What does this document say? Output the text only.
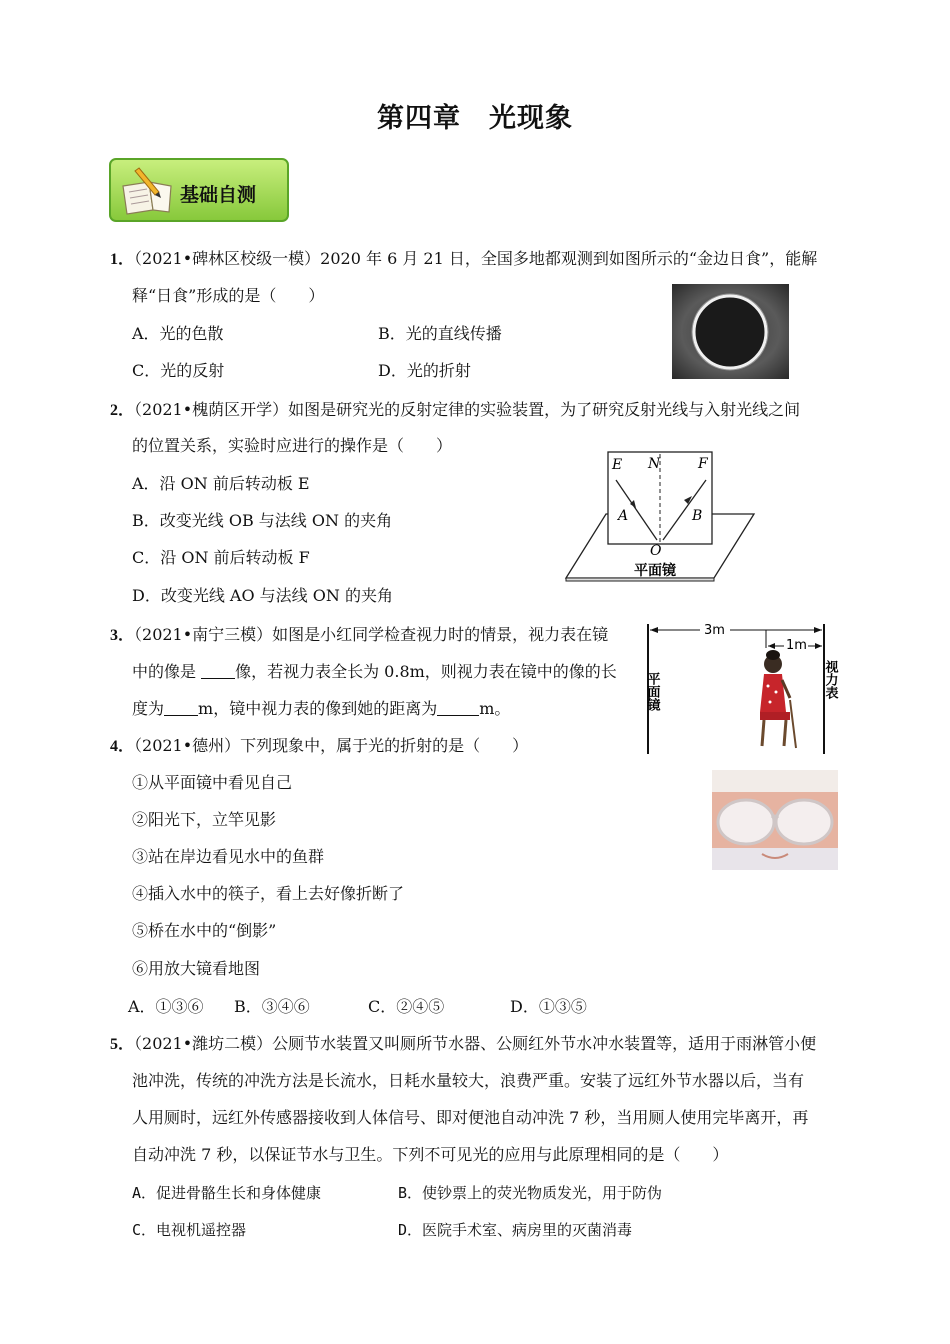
第四章　光现象
基础自测
1．（2021•碑林区校级一模）2020 年 6 月 21 日，全国多地都观测到如图所示的“金边日食”，能解
释“日食”形成的是（　　）
A．光的色散	B．光的直线传播
C．光的反射	D．光的折射
2．（2021•槐荫区开学）如图是研究光的反射定律的实验装置，为了研究反射光线与入射光线之间
的位置关系，实验时应进行的操作是（　　）
A．沿 ON 前后转动板 E
B．改变光线 OB 与法线 ON 的夹角
C．沿 ON 前后转动板 F
D．改变光线 AO 与法线 ON 的夹角
E N	F
A	B
O
平面镜
3．（2021•南宁三模）如图是小红同学检查视力时的情景，视力表在镜
中的像是 像，若视力表全长为 0.8m，则视力表在镜中的像的长
度为 m，镜中视力表的像到她的距离为	m。
3m
1m
平面镜	视力表
4．（2021•德州）下列现象中，属于光的折射的是（　　）
①从平面镜中看见自己
②阳光下，立竿见影
③站在岸边看见水中的鱼群
④插入水中的筷子，看上去好像折断了
⑤桥在水中的“倒影”
⑥用放大镜看地图
A．①③⑥ B．③④⑥	C．②④⑤	D．①③⑤
5．（2021•潍坊二模）公厕节水装置又叫厕所节水器、公厕红外节水冲水装置等，适用于雨淋管小便
池冲洗，传统的冲洗方法是长流水，日耗水量较大，浪费严重。安装了远红外节水器以后，当有
人用厕时，远红外传感器接收到人体信号、即对便池自动冲洗 7 秒，当用厕人使用完毕离开，再
自动冲洗 7 秒，以保证节水与卫生。下列不可见光的应用与此原理相同的是（　　）
A．促进骨骼生长和身体健康	B．使钞票上的荧光物质发光，用于防伪
C．电视机遥控器	D．医院手术室、病房里的灭菌消毒
